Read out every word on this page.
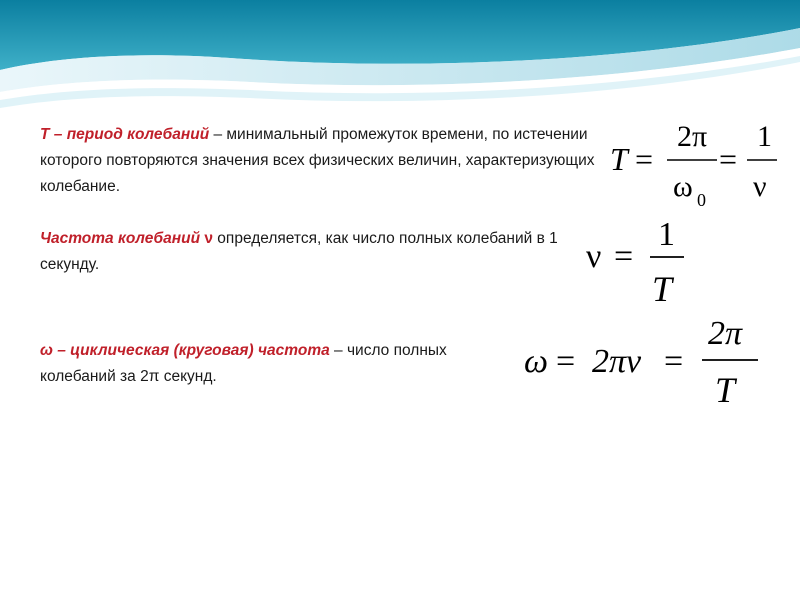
T – период колебаний – минимальный промежуток времени, по истечении которого повторяются значения всех физических величин, характеризующих колебание.
Частота колебаний ν определяется, как число полных колебаний в 1 секунду.
ω – циклическая (круговая) частота – число полных колебаний за 2π секунд.
T =
2π
ω 0
=
1
ν
ν =
1
T
ω = 2πν =
2π
T
